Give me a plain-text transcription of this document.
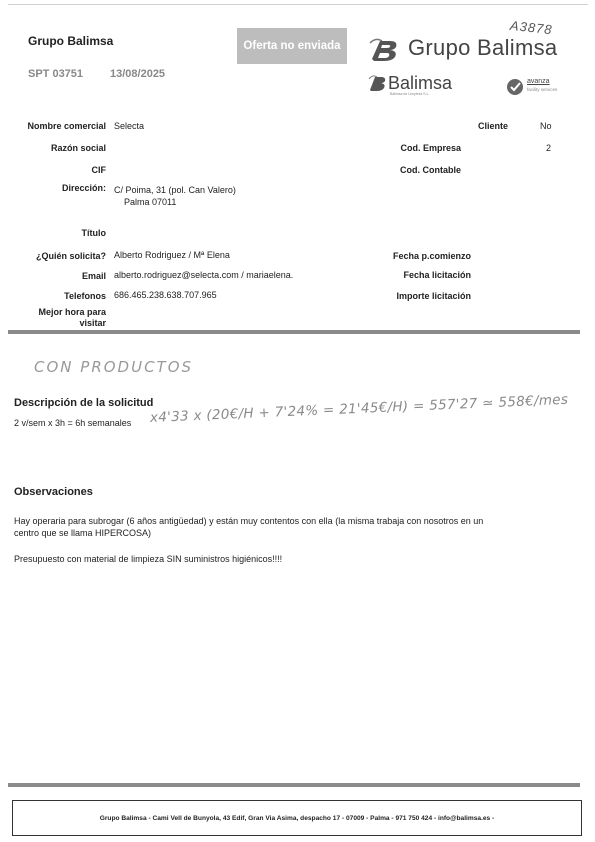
Grupo Balimsa
SPT 03751 13/08/2025
Oferta no enviada	Grupo Balimsa
A3878
Balimsa
Balimsa de Limpieza S.L.
avanza
facility services
Nombre comercial Selecta	Cliente	No
Razón social	Cod. Empresa	2
CIF	Cod. Contable
Dirección: C/ Poima, 31 (pol. Can Valero)
Palma 07011
Título
¿Quién solicita? Alberto Rodriguez / Mª Elena	Fecha p.comienzo
Email alberto.rodriguez@selecta.com / mariaelena.	Fecha licitación
Telefonos 686.465.238.638.707.965	Importe licitación
Mejor hora para
visitar
CON PRODUCTOS
Descripción de la solicitud
2 v/sem x 3h = 6h semanales x4'33 x (20€/H + 7'24% = 21'45€/H) = 557'27 ≃ 558€/mes
Observaciones
Hay operaria para subrogar (6 años antigüedad) y están muy contentos con ella (la misma trabaja con nosotros en un
centro que se llama HIPERCOSA)
Presupuesto con material de limpieza SIN suministros higiénicos!!!!
Grupo Balimsa - Cami Vell de Bunyola, 43 Edif, Gran Via Asima, despacho 17 - 07009 - Palma - 971 750 424 - info@balimsa.es -
